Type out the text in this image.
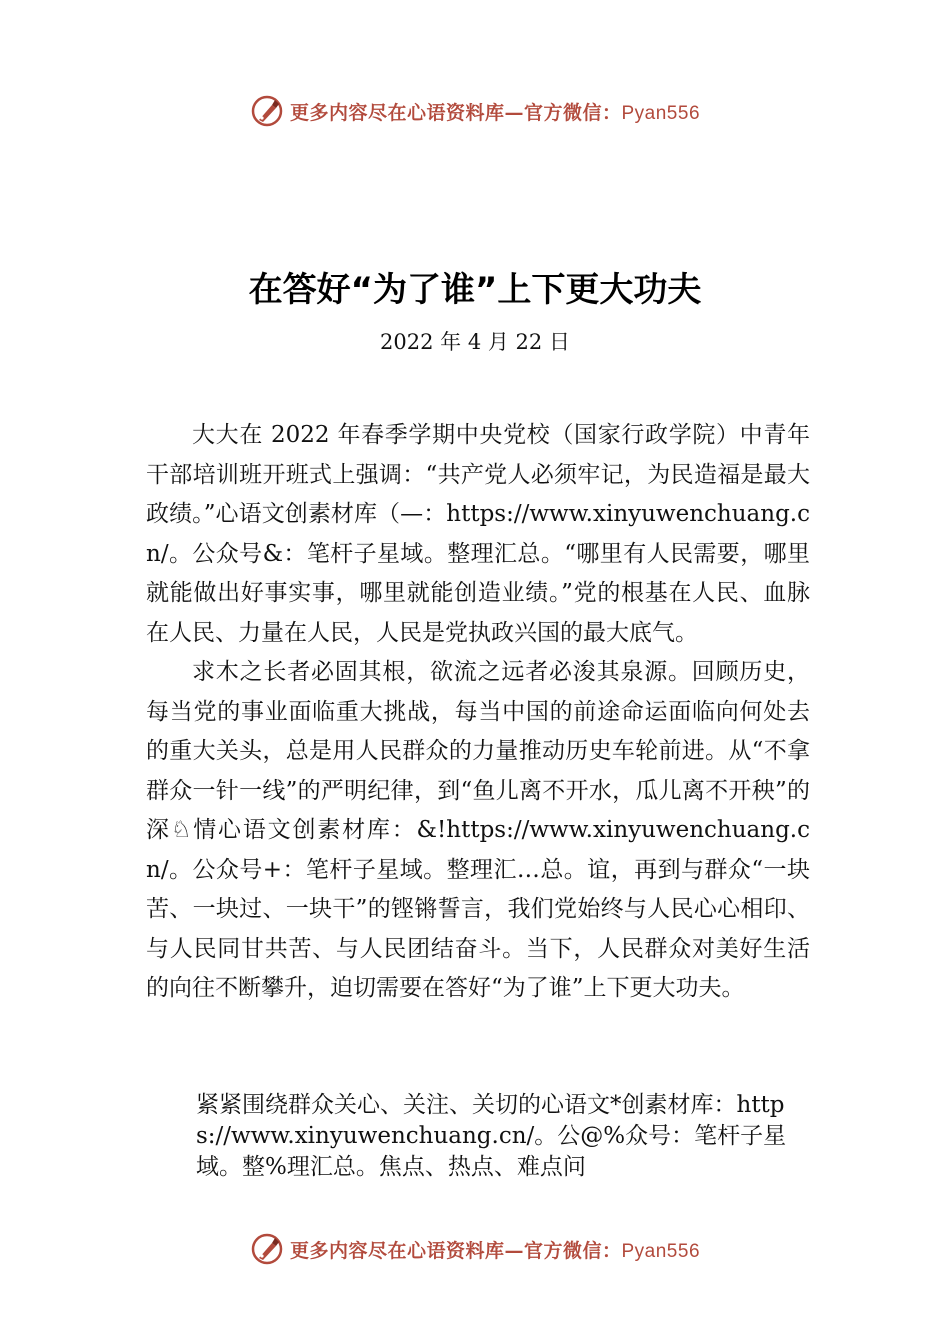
更多内容尽在心语资料库—官方微信：Pyan556
在答好“为了谁”上下更大功夫
2022 年 4 月 22 日

大大在 2022 年春季学期中央党校（国家行政学院）中青年干部培训班开班式上强调：“共产党人必须牢记，为民造福是最大政绩。”心语文创素材库（—：https://www.xinyuwenchuang.cn/。公众号&：笔杆子星域。整理汇总。“哪里有人民需要，哪里就能做出好事实事，哪里就能创造业绩。”党的根基在人民、血脉在人民、力量在人民，人民是党执政兴国的最大底气。

求木之长者必固其根，欲流之远者必浚其泉源。回顾历史，每当党的事业面临重大挑战，每当中国的前途命运面临向何处去的重大关头，总是用人民群众的力量推动历史车轮前进。从“不拿群众一针一线”的严明纪律，到“鱼儿离不开水，瓜儿离不开秧”的深♘情心语文创素材库：&!https://www.xinyuwenchuang.cn/。公众号+：笔杆子星域。整理汇…总。谊，再到与群众“一块苦、一块过、一块干”的铿锵誓言，我们党始终与人民心心相印、与人民同甘共苦、与人民团结奋斗。当下，人民群众对美好生活的向往不断攀升，迫切需要在答好“为了谁”上下更大功夫。

紧紧围绕群众关心、关注、关切的心语文*创素材库：https://www.xinyuwenchuang.cn/。公@%众号：笔杆子星域。整%理汇总。焦点、热点、难点问

更多内容尽在心语资料库—官方微信：Pyan556
